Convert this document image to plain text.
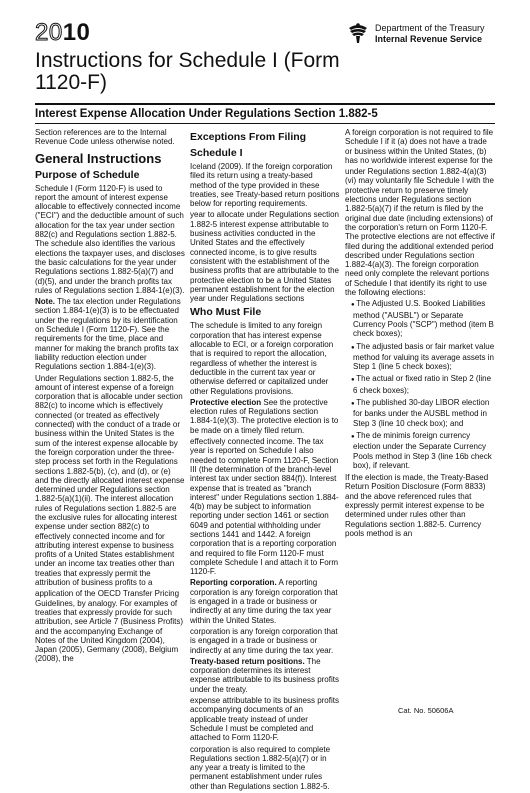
2010
Instructions for Schedule I (Form 1120-F)
Department of the Treasury
Internal Revenue Service
Interest Expense Allocation Under Regulations Section 1.882-5

Section references are to the Internal Revenue Code unless otherwise noted.

General Instructions
Purpose of Schedule

Schedule I (Form 1120-F) is used to report the amount of interest expense allocable to effectively connected income ("ECI") and the deductible amount of such allocation for the tax year under section 882(c) and Regulations section 1.882-5. The schedule also identifies the various elections the taxpayer uses, and discloses the basic calculations for the year under Regulations sections 1.882-5(a)(7) and (d)(5), and under the branch profits tax rules of Regulations section 1.884-1(e)(3).

Note. The tax election under Regulations section 1.884-1(e)(3) is to be effectuated under the regulations by its identification on Schedule I (Form 1120-F). See the requirements for the time, place and manner for making the branch profits tax liability reduction election under Regulations section 1.884-1(e)(3).

Under Regulations section 1.882-5, the amount of interest expense of a foreign corporation that is allocable under section 882(c) to income which is effectively connected (or treated as effectively connected) with the conduct of a trade or business within the United States is the sum of the interest expense allocable by the foreign corporation under the three-step process set forth in the Regulations sections 1.882-5(b), (c), and (d), or (e) and the directly allocated interest expense determined under Regulations section 1.882-5(a)(1)(ii). The interest allocation rules of Regulations section 1.882-5 are the exclusive rules for allocating interest expense under section 882(c) to effectively connected income and for attributing interest expense to business profits of a United States establishment under an income tax treaties other than treaties that expressly permit the attribution of business profits to a

application of the OECD Transfer Pricing Guidelines, by analogy. For examples of treaties that expressly provide for such attribution, see Article 7 (Business Profits) and the accompanying Exchange of Notes of the United Kingdom (2004), Japan (2005), Germany (2008), Belgium (2008), the

Exceptions From Filing
Schedule I

Iceland (2009). If the foreign corporation filed its return using a treaty-based method of the type provided in these treaties, see Treaty-based return positions below for reporting requirements.

year to allocate under Regulations section 1.882-5 interest expense attributable to business activities conducted in the United States and the effectively connected income, is to give results consistent with the establishment of the business profits that are attributable to the protective election to be a United States permanent establishment for the election year under Regulations sections

Who Must File

The schedule is limited to any foreign corporation that has interest expense allocable to ECI, or a foreign corporation that is required to report the allocation, regardless of whether the interest is deductible in the current tax year or otherwise deferred or capitalized under other Regulations provisions.

Protective election See the protective election rules of Regulations section 1.884-1(e)(3). The protective election is to be made on a timely filed return.

effectively connected income. The tax year is reported on Schedule I also needed to complete Form 1120-F, Section III (the determination of the branch-level interest tax under section 884(f)). Interest expense that is treated as "branch interest" under Regulations section 1.884-4(b) may be subject to information reporting under section 1461 or section 6049 and potential withholding under sections 1441 and 1442. A foreign corporation that is a reporting corporation and required to file Form 1120-F must complete Schedule I and attach it to Form 1120-F.

Reporting corporation. A reporting corporation is any foreign corporation that is engaged in a trade or business or indirectly at any time during the tax year within the United States.

corporation is any foreign corporation that is engaged in a trade or business or indirectly at any time during the tax year.

Treaty-based return positions. The corporation determines its interest expense attributable to its business profits under the treaty.

expense attributable to its business profits accompanying documents of an applicable treaty instead of under Schedule I must be completed and attached to Form 1120-F.

corporation is also required to complete Regulations section 1.882-5(a)(7) or in any year a treaty is limited to the permanent establishment under rules other than Regulations section 1.882-5.

A foreign corporation is not required to file Schedule I if it (a) does not have a trade or business within the United States, (b) has no worldwide interest expense for the

under Regulations section 1.882-4(a)(3)(vi) may voluntarily file Schedule I with the protective return to preserve timely elections under Regulations section 1.882-5(a)(7) if the return is filed by the original due date (including extensions) of the corporation's return on Form 1120-F. The protective elections are not effective if filed during the additional extended period described under Regulations section 1.882-4(a)(3). The foreign corporation need only complete the relevant portions of Schedule I that identify its right to use the following elections:

● The Adjusted U.S. Booked Liabilities method ("AUSBL") or Separate Currency Pools ("SCP") method (item B check boxes);
● The adjusted basis or fair market value method for valuing its average assets in Step 1 (line 5 check boxes);
● The actual or fixed ratio in Step 2 (line 6 check boxes);
● The published 30-day LIBOR election for banks under the AUSBL method in Step 3 (line 10 check box); and
● The de minimis foreign currency election under the Separate Currency Pools method in Step 3 (line 16b check box), if relevant.

If the election is made, the Treaty-Based Return Position Disclosure (Form 8833) and the above referenced rules that expressly permit interest expense to be determined under rules other than Regulations section 1.882-5. Currency pools method is an

Cat. No. 50606A
